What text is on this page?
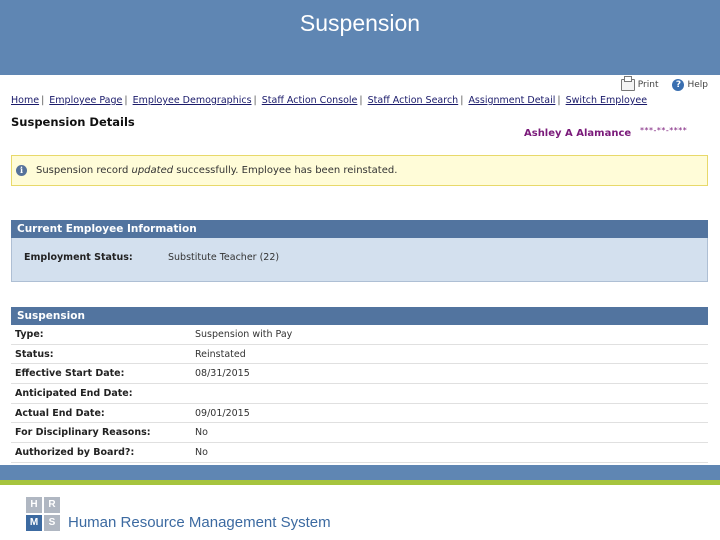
Suspension
Print	? Help
Home | Employee Page | Employee Demographics | Staff Action Console | Staff Action Search | Assignment Detail | Switch Employee
Suspension Details
Ashley A Alamance ***-**-****
i	Suspension record updated successfully. Employee has been reinstated.
Current Employee Information
Employment Status:	Substitute Teacher (22)
Suspension
Type:	Suspension with Pay
Status:	Reinstated
Effective Start Date:	08/31/2015
Anticipated End Date:	
Actual End Date:	09/01/2015
For Disciplinary Reasons:	No
Authorized by Board?:	No
H	R
M	S Human Resource Management System
